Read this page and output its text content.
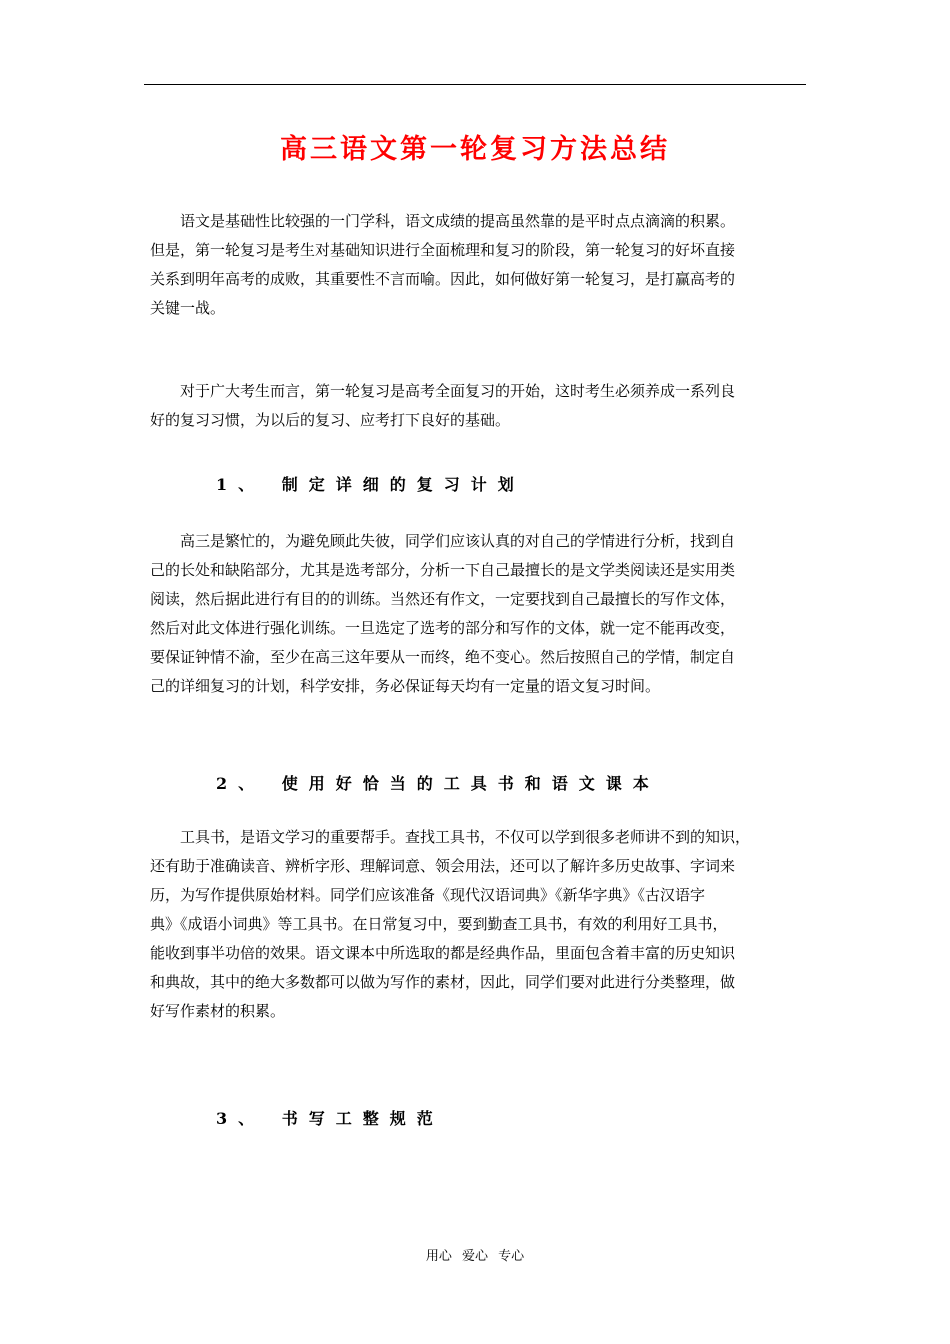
高三语文第一轮复习方法总结

　　语文是基础性比较强的一门学科，语文成绩的提高虽然靠的是平时点点滴滴的积累。
但是，第一轮复习是考生对基础知识进行全面梳理和复习的阶段，第一轮复习的好坏直接
关系到明年高考的成败，其重要性不言而喻。因此，如何做好第一轮复习，是打赢高考的
关键一战。

　　对于广大考生而言，第一轮复习是高考全面复习的开始，这时考生必须养成一系列良
好的复习习惯，为以后的复习、应考打下良好的基础。

1、 制定详细的复习计划

　　高三是繁忙的，为避免顾此失彼，同学们应该认真的对自己的学情进行分析，找到自
己的长处和缺陷部分，尤其是选考部分，分析一下自己最擅长的是文学类阅读还是实用类
阅读，然后据此进行有目的的训练。当然还有作文，一定要找到自己最擅长的写作文体，
然后对此文体进行强化训练。一旦选定了选考的部分和写作的文体，就一定不能再改变，
要保证钟情不渝，至少在高三这年要从一而终，绝不变心。然后按照自己的学情，制定自
己的详细复习的计划，科学安排，务必保证每天均有一定量的语文复习时间。

2、 使用好恰当的工具书和语文课本

　　工具书，是语文学习的重要帮手。查找工具书，不仅可以学到很多老师讲不到的知识，
还有助于准确读音、辨析字形、理解词意、领会用法，还可以了解许多历史故事、字词来
历，为写作提供原始材料。同学们应该准备《现代汉语词典》《新华字典》《古汉语字
典》《成语小词典》等工具书。在日常复习中，要到勤查工具书，有效的利用好工具书，
能收到事半功倍的效果。语文课本中所选取的都是经典作品，里面包含着丰富的历史知识
和典故，其中的绝大多数都可以做为写作的素材，因此，同学们要对此进行分类整理，做
好写作素材的积累。

3、 书写工整规范
用心 爱心 专心
